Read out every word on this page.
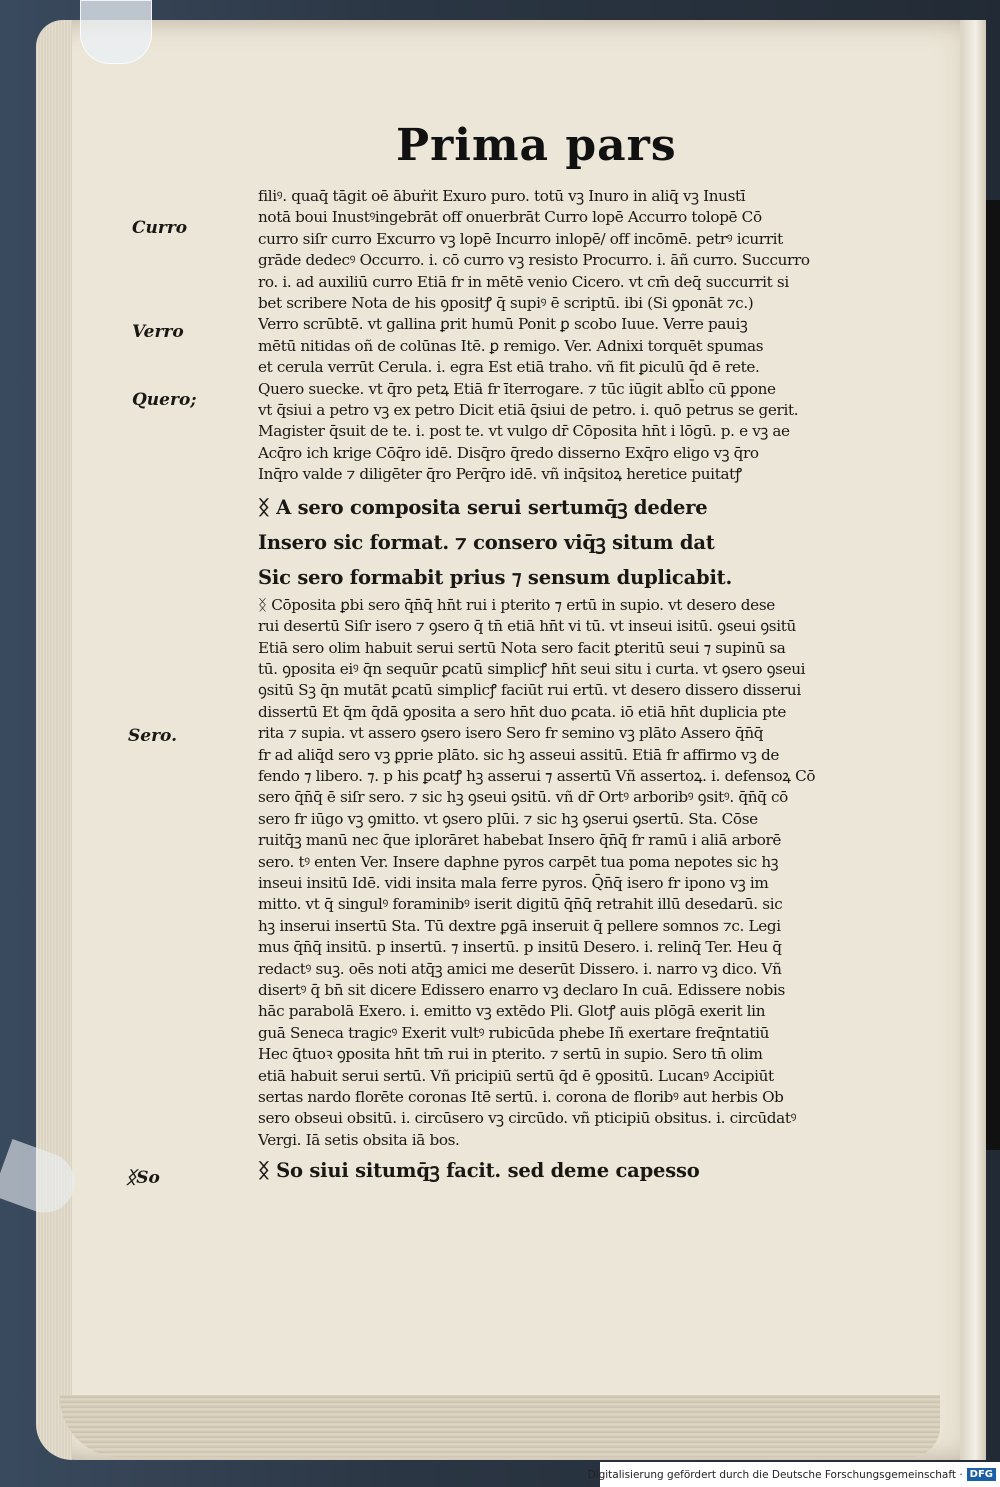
Prima pars
Curro
Verro
Quero;
Sero.
ᛝSo
filiꝰ. quaq̄ tāgit oē ābuṙit Exuro puro. totū vꝫ Inuro in aliq̄ vꝫ Inustī
notā boui Inustꝰingebrāt off onuerbrāt Curro lopē Accurro tolopē Cō
curro siſr curro Excurro vꝫ lopē Incurro inlopē/ off incōmē. petrꝰ icurrit
grāde dedecꝰ Occurro. i. cō curro vꝫ resisto Procurro. i. āñ curro. Succurro
ro. i. ad auxiliū curro Etiā fr in mētē venio Cicero. vt cm̄ deq̄ succurrit si
bet scribere Nota de his ꝯpositꝭ q̄ supiꝰ ē scriptū. ibi (Si ꝯponāt ⁊c.)
Verro scrūbtē. vt gallina ꝑrit humū Ponit ꝑ scobo Iuue. Verre pauiꝫ
mētū nitidas oñ de colūnas Itē. ꝑ remigo. Ver. Adnixi torquēt spumas
et cerula verrūt Cerula. i. egra Est etiā traho. vñ fit ꝑiculū q̄d ē rete.
Quero suecke. vt q̄ro petꝝ Etiā fr īterrogare. ⁊ tūc iūgit ablt̄o cū ꝑpone
vt q̄siui a petro vꝫ ex petro Dicit etiā q̄siui de petro. i. quō petrus se gerit.
Magister q̄suit de te. i. post te. vt vulgo dr̄ Cōposita hn̄t i lōgū. p. e vꝫ ae
Acq̄ro ich krige Cōq̄ro idē. Disq̄ro q̄redo disserno Exq̄ro eligo vꝫ q̄ro
Inq̄ro valde ⁊ diligēter q̄ro Perq̄ro idē. vñ inq̄sitoꝝ heretice puitatꝭ
ᛝ A sero composita serui sertumq̄ꝫ dedere
Insero sic format. ⁊ consero viq̄ꝫ situm dat
Sic sero formabit prius ⁊ sensum duplicabit.
ᛝ Cōposita ꝑbi sero q̄n̄q̄ hn̄t rui i pterito ⁊ ertū in supio. vt desero dese
rui desertū Siſr isero ⁊ ꝯsero q̄ tn̄ etiā hn̄t vi tū. vt inseui isitū. ꝯseui ꝯsitū
Etiā sero olim habuit serui sertū Nota sero facit ꝑteritū seui ⁊ supinū sa
tū. ꝯposita eiꝰ q̄n sequūr ꝑcatū simplicꝭ hn̄t seui situ i curta. vt ꝯsero ꝯseui
ꝯsitū Sꝫ q̄n mutāt ꝑcatū simplicꝭ faciūt rui ertū. vt desero dissero disserui
dissertū Et q̄m q̄dā ꝯposita a sero hn̄t duo ꝑcata. iō etiā hn̄t duplicia pte
rita ⁊ supia. vt assero ꝯsero isero Sero fr semino vꝫ plāto Assero q̄n̄q̄
fr ad aliq̄d sero vꝫ ꝑprie plāto. sic hꝫ asseui assitū. Etiā fr affirmo vꝫ de
fendo ⁊ libero. ⁊. p his ꝑcatꝭ hꝫ asserui ⁊ assertū Vñ assertoꝝ. i. defensoꝝ Cō
sero q̄n̄q̄ ē siſr sero. ⁊ sic hꝫ ꝯseui ꝯsitū. vñ dr̄ Ortꝰ arboribꝰ ꝯsitꝰ. q̄n̄q̄ cō
sero fr iūgo vꝫ ꝯmitto. vt ꝯsero plūi. ⁊ sic hꝫ ꝯserui ꝯsertū. Sta. Cōse
ruitq̄ꝫ manū nec q̄ue iplorāret habebat Insero q̄n̄q̄ fr ramū i aliā arborē
sero. tꝰ enten Ver. Insere daphne pyros carpēt tua poma nepotes sic hꝫ
inseui insitū Idē. vidi insita mala ferre pyros. Q̄n̄q̄ isero fr ipono vꝫ im
mitto. vt q̄ singulꝰ foraminibꝰ iserit digitū q̄n̄q̄ retrahit illū desedarū. sic
hꝫ inserui insertū Sta. Tū dextre ꝑgā inseruit q̄ pellere somnos ⁊c. Legi
mus q̄n̄q̄ insitū. p insertū. ⁊ insertū. p insitū Desero. i. relinq̄ Ter. Heu q̄
redactꝰ suꝫ. oēs noti atq̄ꝫ amici me deserūt Dissero. i. narro vꝫ dico. Vñ
disertꝰ q̄ bn̄ sit dicere Edissero enarro vꝫ declaro In cuā. Edissere nobis
hāc parabolā Exero. i. emitto vꝫ extēdo Pli. Glotꝭ auis plōgā exerit lin
guā Seneca tragicꝰ Exerit vultꝰ rubicūda phebe Iñ exertare freq̄ntatiū
Hec q̄tuoꝛ ꝯposita hn̄t tm̄ rui in pterito. ⁊ sertū in supio. Sero tn̄ olim
etiā habuit serui sertū. Vñ pricipiū sertū q̄d ē ꝯpositū. Lucanꝰ Accipiūt
sertas nardo florēte coronas Itē sertū. i. corona de floribꝰ aut herbis Ob
sero obseui obsitū. i. circūsero vꝫ circūdo. vñ pticipiū obsitus. i. circūdatꝰ
Vergi. Iā setis obsita iā bos.
ᛝ So siui situmq̄ꝫ facit. sed deme capesso
Digitalisierung gefördert durch die Deutsche Forschungsgemeinschaft · DFG
